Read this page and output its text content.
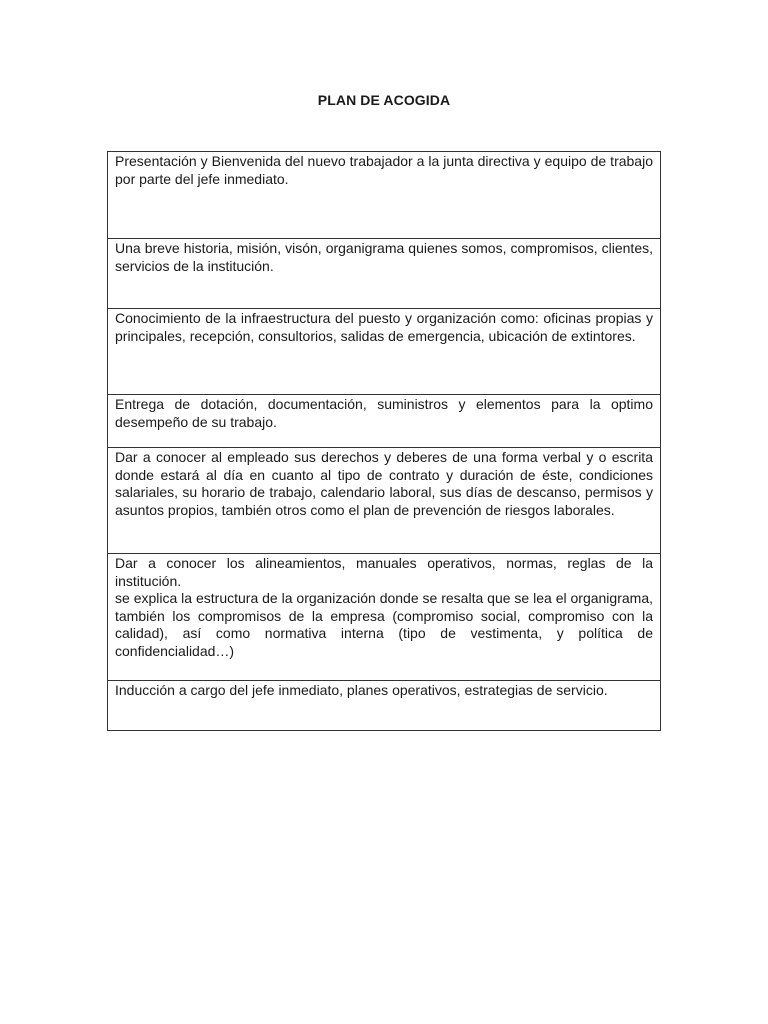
PLAN DE ACOGIDA
Presentación y Bienvenida del nuevo trabajador a la junta directiva y equipo de trabajo por parte del jefe inmediato.

Una breve historia, misión, visón, organigrama quienes somos, compromisos, clientes, servicios de la institución.

Conocimiento de la infraestructura del puesto y organización como: oficinas propias y principales, recepción, consultorios, salidas de emergencia, ubicación de extintores.

Entrega de dotación, documentación, suministros y elementos para la optimo desempeño de su trabajo.

Dar a conocer al empleado sus derechos y deberes de una forma verbal y o escrita donde estará al día en cuanto al tipo de contrato y duración de éste, condiciones salariales, su horario de trabajo, calendario laboral, sus días de descanso, permisos y asuntos propios, también otros como el plan de prevención de riesgos laborales.

Dar a conocer los alineamientos, manuales operativos, normas, reglas de la institución.
se explica la estructura de la organización donde se resalta que se lea el organigrama, también los compromisos de la empresa (compromiso social, compromiso con la calidad), así como normativa interna (tipo de vestimenta, y política de confidencialidad…)

Inducción a cargo del jefe inmediato, planes operativos, estrategias de servicio.
